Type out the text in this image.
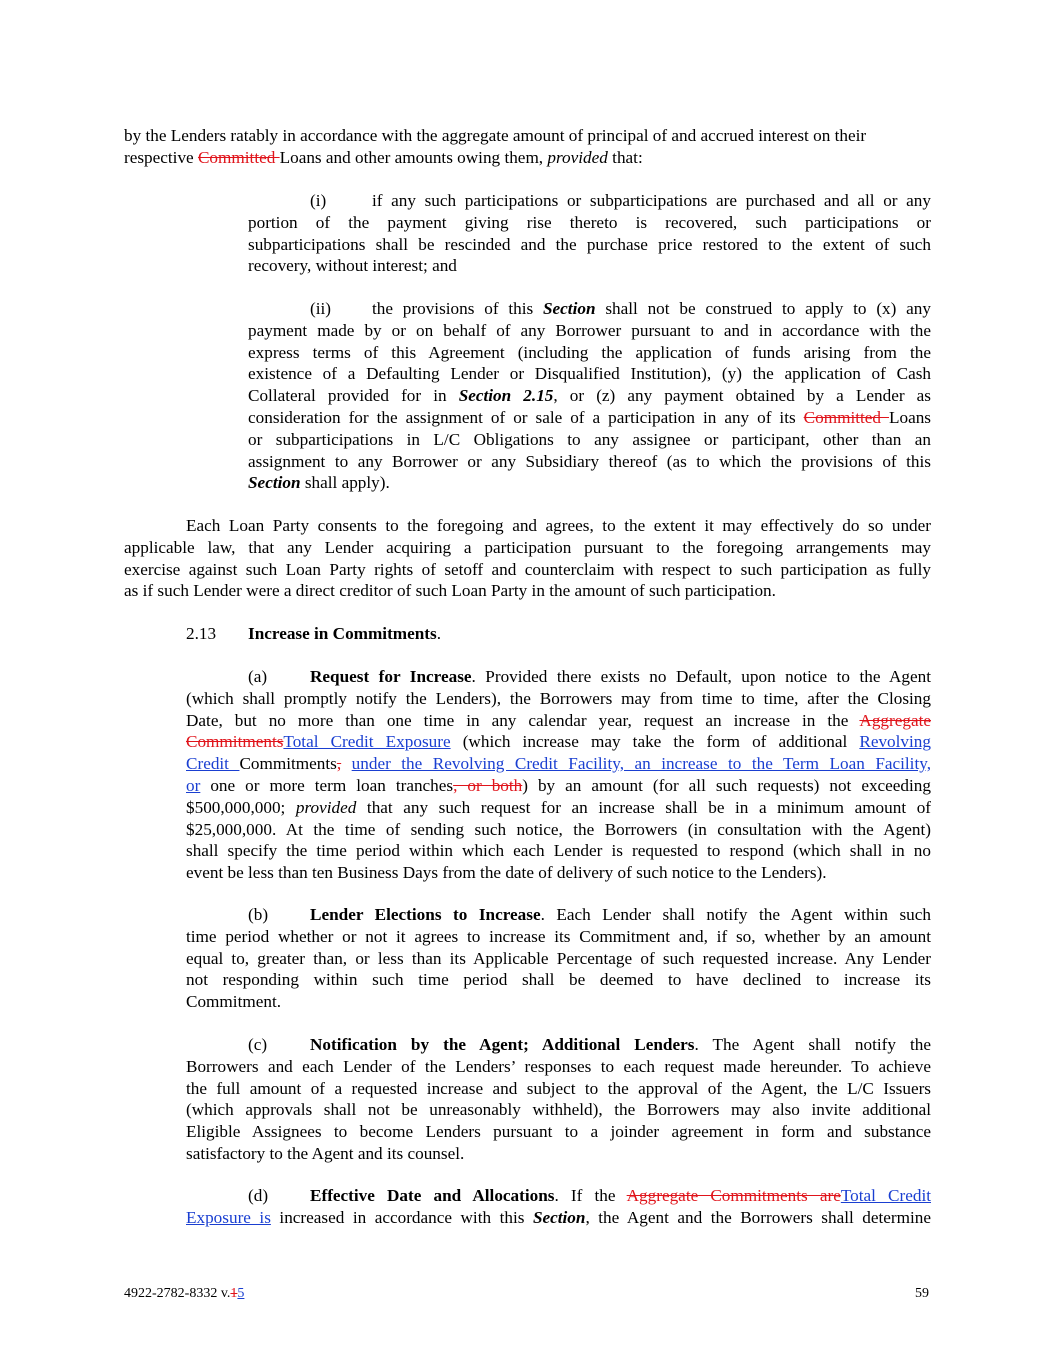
by the Lenders ratably in accordance with the aggregate amount of principal of and accrued interest on their
respective Committed Loans and other amounts owing them, provided that:
(i)	if any such participations or subparticipations are purchased and all or any
portion of the payment giving rise thereto is recovered, such participations or
subparticipations shall be rescinded and the purchase price restored to the extent of such
recovery, without interest; and
(ii) the provisions of this Section shall not be construed to apply to (x) any
payment made by or on behalf of any Borrower pursuant to and in accordance with the
express terms of this Agreement (including the application of funds arising from the
existence of a Defaulting Lender or Disqualified Institution), (y) the application of Cash
Collateral provided for in Section 2.15, or (z) any payment obtained by a Lender as
consideration for the assignment of or sale of a participation in any of its Committed Loans
or subparticipations in L/C Obligations to any assignee or participant, other than an
assignment to any Borrower or any Subsidiary thereof (as to which the provisions of this
Section shall apply).
Each Loan Party consents to the foregoing and agrees, to the extent it may effectively do so under
applicable law, that any Lender acquiring a participation pursuant to the foregoing arrangements may
exercise against such Loan Party rights of setoff and counterclaim with respect to such participation as fully
as if such Lender were a direct creditor of such Loan Party in the amount of such participation.
2.13 Increase in Commitments.
(a) Request for Increase. Provided there exists no Default, upon notice to the Agent
(which shall promptly notify the Lenders), the Borrowers may from time to time, after the Closing
Date, but no more than one time in any calendar year, request an increase in the Aggregate
CommitmentsTotal Credit Exposure (which increase may take the form of additional Revolving
Credit Commitments, under the Revolving Credit Facility, an increase to the Term Loan Facility,
or one or more term loan tranches, or both) by an amount (for all such requests) not exceeding
$500,000,000; provided that any such request for an increase shall be in a minimum amount of
$25,000,000. At the time of sending such notice, the Borrowers (in consultation with the Agent)
shall specify the time period within which each Lender is requested to respond (which shall in no
event be less than ten Business Days from the date of delivery of such notice to the Lenders).
(b) Lender Elections to Increase. Each Lender shall notify the Agent within such
time period whether or not it agrees to increase its Commitment and, if so, whether by an amount
equal to, greater than, or less than its Applicable Percentage of such requested increase. Any Lender
not responding within such time period shall be deemed to have declined to increase its
Commitment.
(c) Notification by the Agent; Additional Lenders. The Agent shall notify the
Borrowers and each Lender of the Lenders’ responses to each request made hereunder. To achieve
the full amount of a requested increase and subject to the approval of the Agent, the L/C Issuers
(which approvals shall not be unreasonably withheld), the Borrowers may also invite additional
Eligible Assignees to become Lenders pursuant to a joinder agreement in form and substance
satisfactory to the Agent and its counsel.
(d) Effective Date and Allocations. If the Aggregate Commitments areTotal Credit
Exposure is increased in accordance with this Section, the Agent and the Borrowers shall determine
4922-2782-8332 v.15	59
